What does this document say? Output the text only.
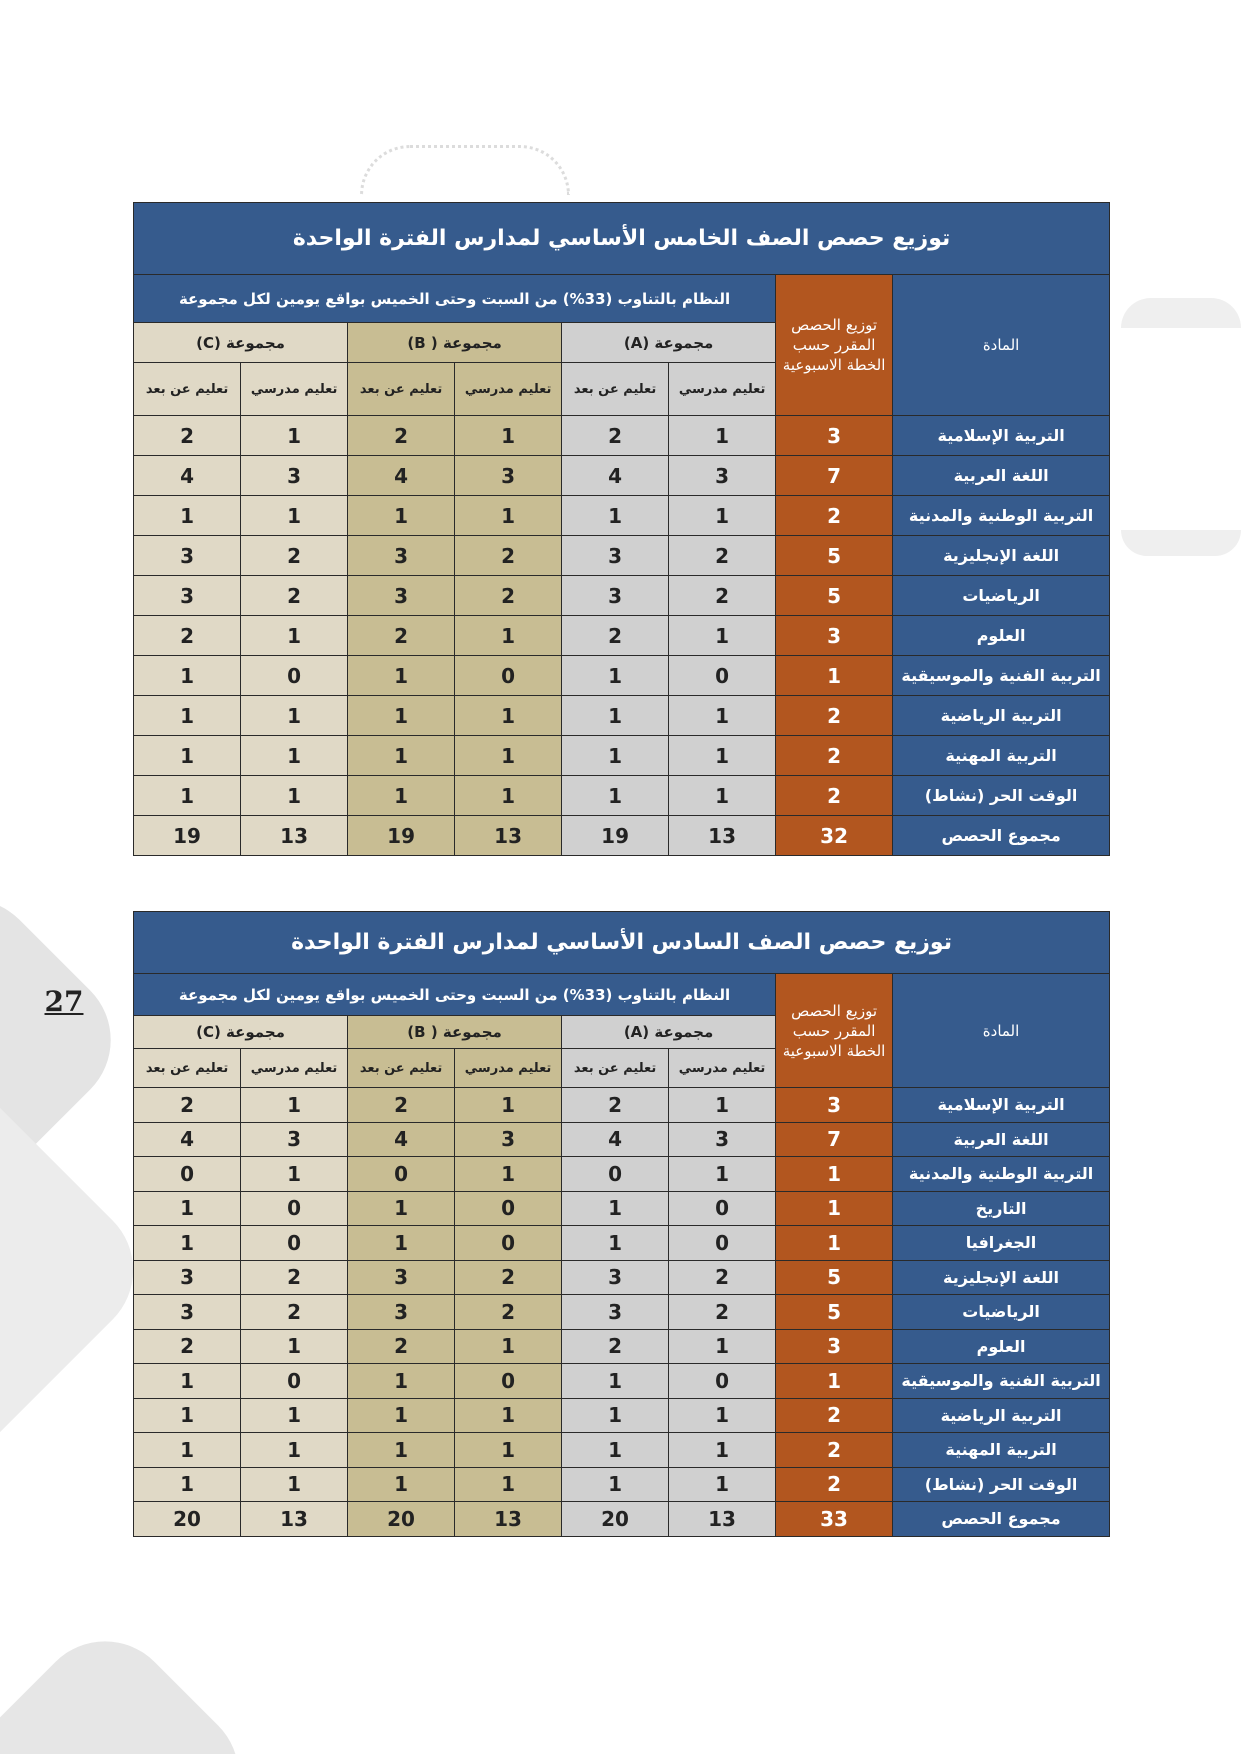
27
توزيع حصص الصف الخامس الأساسي لمدارس الفترة الواحدة							
المادة	توزيع الحصص المقرر حسب الخطة الاسبوعية	النظام بالتناوب (33%) من السبت وحتى الخميس بواقع يومين لكل مجموعة					
		مجموعة (A)		مجموعة ( B)		مجموعة (C)	
		تعليم مدرسي	تعليم عن بعد	تعليم مدرسي	تعليم عن بعد	تعليم مدرسي	تعليم عن بعد
التربية الإسلامية	3	1	2	1	2	1	2
اللغة العربية	7	3	4	3	4	3	4
التربية الوطنية والمدنية	2	1	1	1	1	1	1
اللغة الإنجليزية	5	2	3	2	3	2	3
الرياضيات	5	2	3	2	3	2	3
العلوم	3	1	2	1	2	1	2
التربية الفنية والموسيقية	1	0	1	0	1	0	1
التربية الرياضية	2	1	1	1	1	1	1
التربية المهنية	2	1	1	1	1	1	1
الوقت الحر (نشاط)	2	1	1	1	1	1	1
مجموع الحصص	32	13	19	13	19	13	19
توزيع حصص الصف السادس الأساسي لمدارس الفترة الواحدة							
المادة	توزيع الحصص المقرر حسب الخطة الاسبوعية	النظام بالتناوب (33%) من السبت وحتى الخميس بواقع يومين لكل مجموعة					
		مجموعة (A)		مجموعة ( B)		مجموعة (C)	
		تعليم مدرسي	تعليم عن بعد	تعليم مدرسي	تعليم عن بعد	تعليم مدرسي	تعليم عن بعد
التربية الإسلامية	3	1	2	1	2	1	2
اللغة العربية	7	3	4	3	4	3	4
التربية الوطنية والمدنية	1	1	0	1	0	1	0
التاريخ	1	0	1	0	1	0	1
الجغرافيا	1	0	1	0	1	0	1
اللغة الإنجليزية	5	2	3	2	3	2	3
الرياضيات	5	2	3	2	3	2	3
العلوم	3	1	2	1	2	1	2
التربية الفنية والموسيقية	1	0	1	0	1	0	1
التربية الرياضية	2	1	1	1	1	1	1
التربية المهنية	2	1	1	1	1	1	1
الوقت الحر (نشاط)	2	1	1	1	1	1	1
مجموع الحصص	33	13	20	13	20	13	20
